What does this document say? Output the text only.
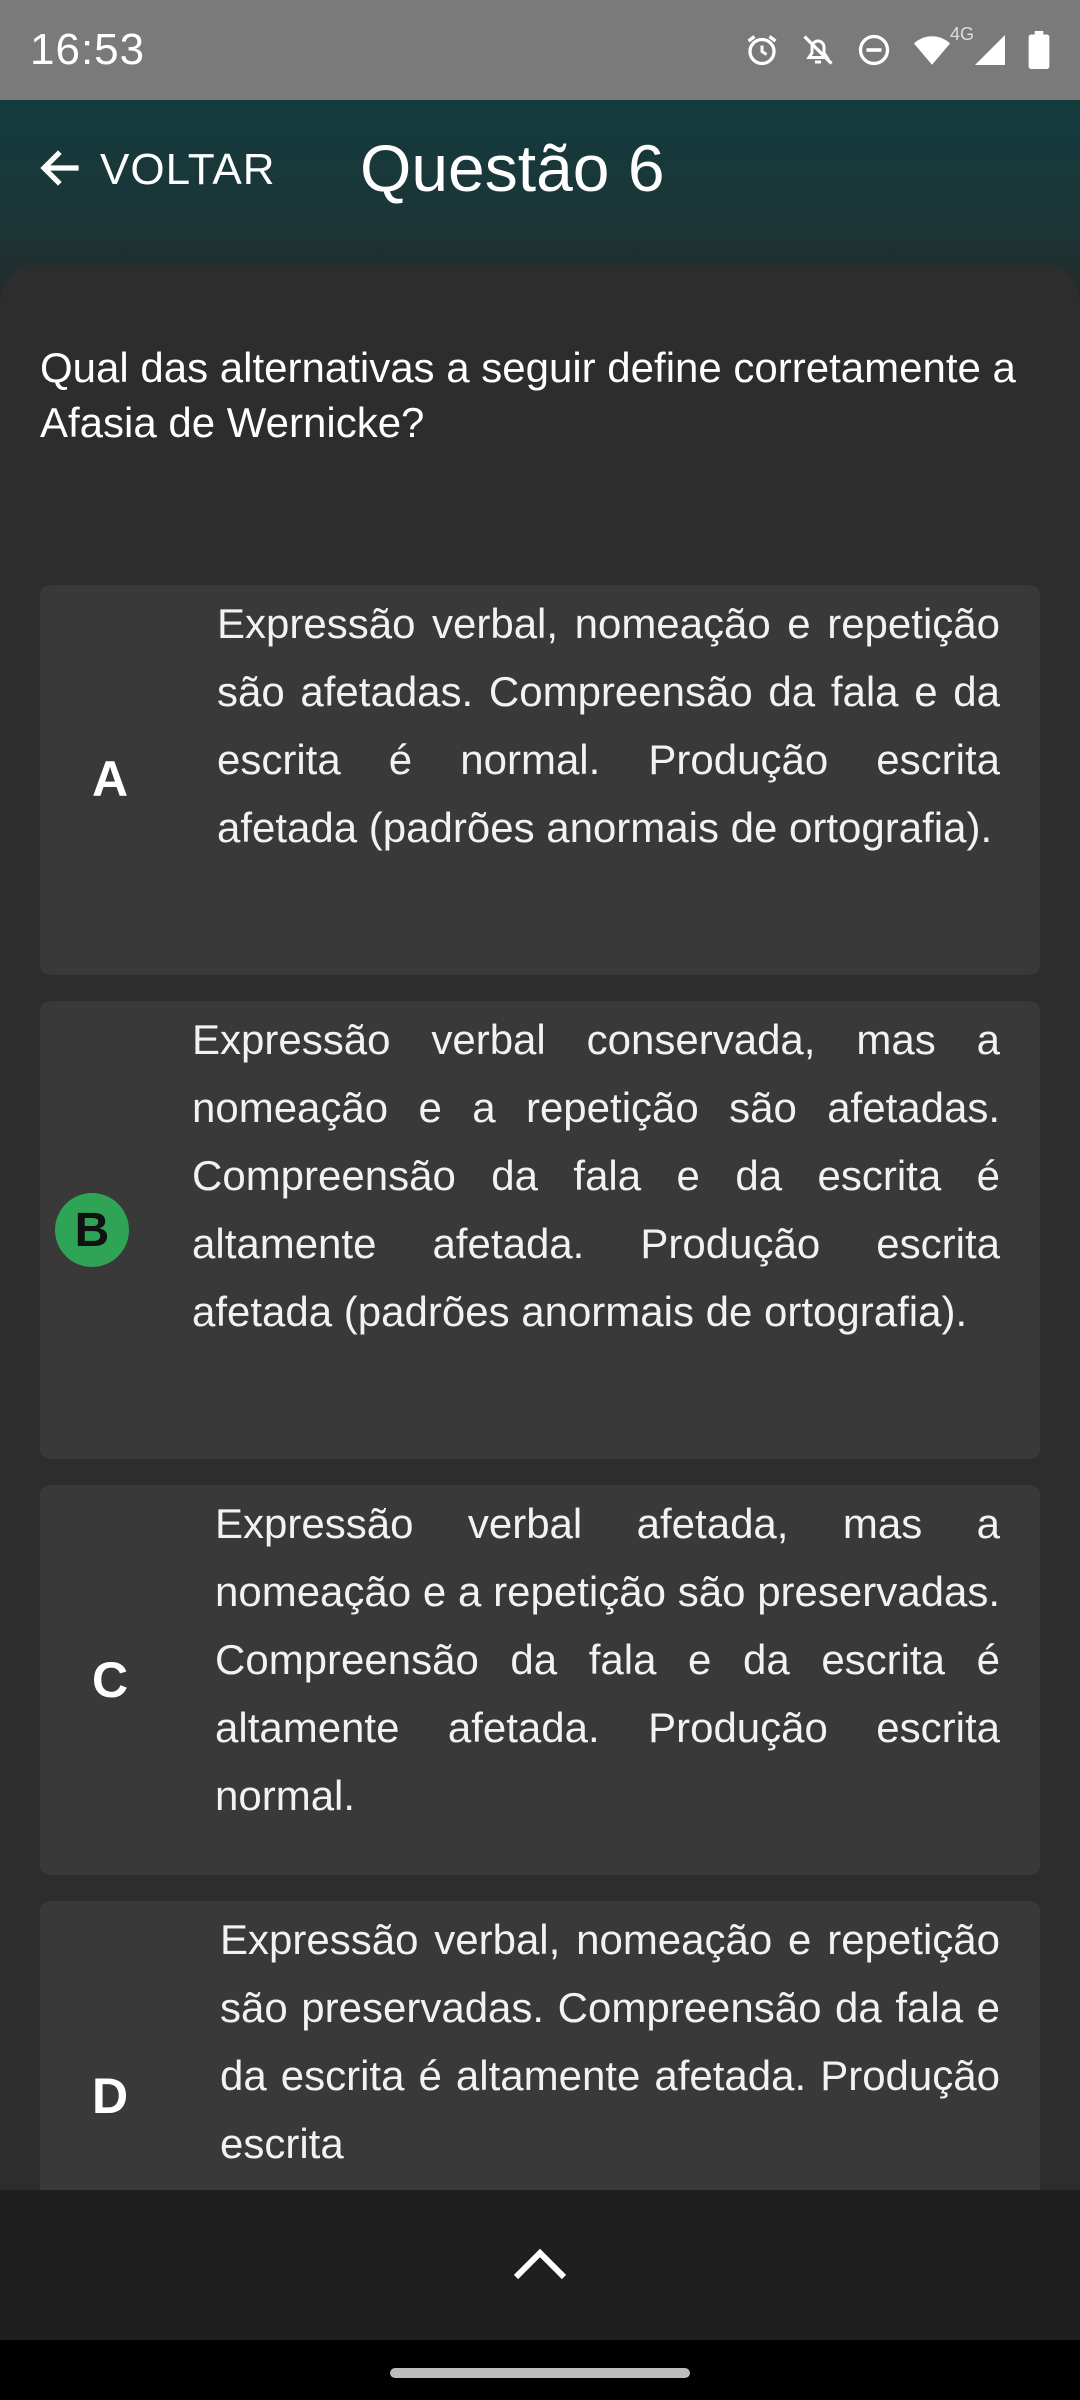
16:53	4G
VOLTAR Questão 6
Qual das alternativas a seguir define corretamente a Afasia de Wernicke?
A
Expressão verbal, nomeação e repetição são afetadas. Compreensão da fala e da escrita é normal. Produção escrita afetada (padrões anormais de ortografia).
B
Expressão verbal conservada, mas a nomeação e a repetição são afetadas. Compreensão da fala e da escrita é altamente afetada. Produção escrita afetada (padrões anormais de ortografia).
C
Expressão verbal afetada, mas a nomeação e a repetição são preservadas. Compreensão da fala e da escrita é altamente afetada. Produção escrita normal.
D
Expressão verbal, nomeação e repetição são preservadas. Compreensão da fala e da escrita é altamente afetada. Produção escrita
